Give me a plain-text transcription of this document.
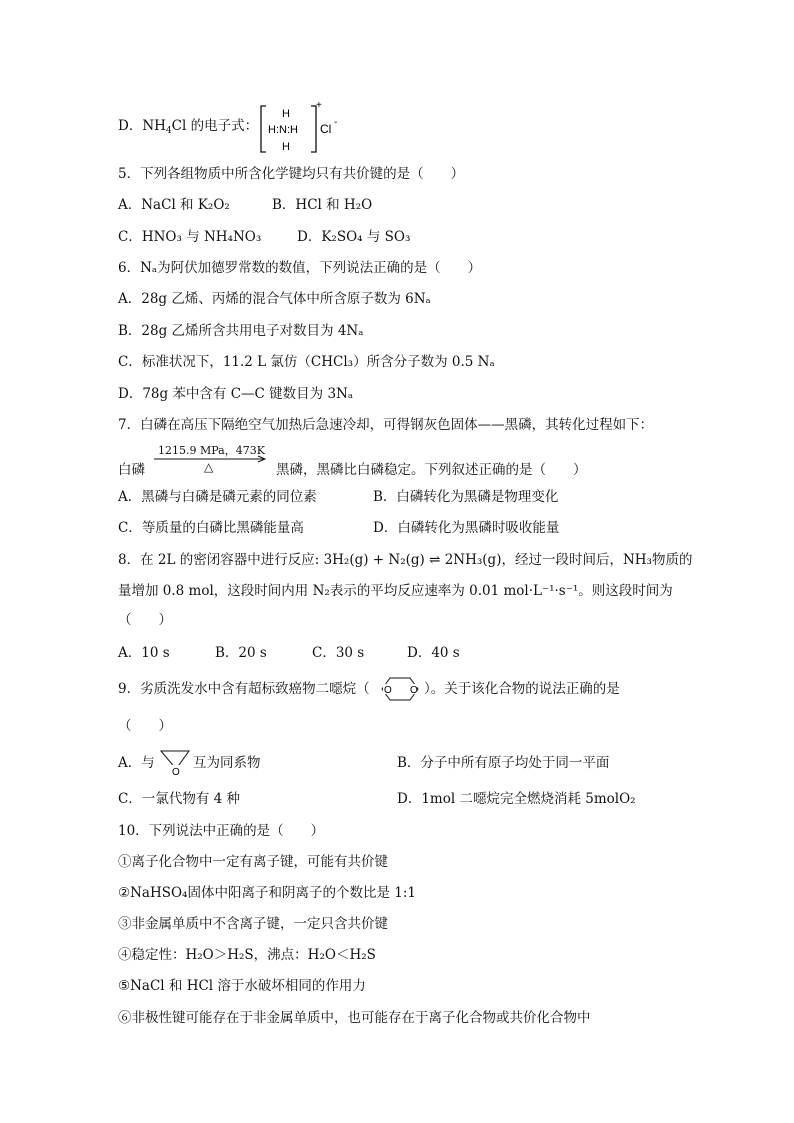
D．$NH_4Cl$ 的电子式：
H
H:N:H
H
+
Cl -
5．下列各组物质中所含化学键均只有共价键的是（　　）
A．NaCl 和 K₂O₂	B．HCl 和 H₂O
C．HNO₃ 与 NH₄NO₃	D．K₂SO₄ 与 SO₃
6．Nₐ为阿伏加德罗常数的数值，下列说法正确的是（　　）
A．28g 乙烯、丙烯的混合气体中所含原子数为 6Nₐ
B．28g 乙烯所含共用电子对数目为 4Nₐ
C．标准状况下，11.2 L 氯仿（CHCl₃）所含分子数为 0.5 Nₐ
D．78g 苯中含有 C—C 键数目为 3Nₐ
7．白磷在高压下隔绝空气加热后急速冷却，可得钢灰色固体——黑磷，其转化过程如下：
白磷
1215.9 MPa，473K
△	黑磷，黑磷比白磷稳定。下列叙述正确的是（　　）
A．黑磷与白磷是磷元素的同位素	B．白磷转化为黑磷是物理变化
C．等质量的白磷比黑磷能量高	D．白磷转化为黑磷时吸收能量
8．在 2L 的密闭容器中进行反应: 3H₂(g) + N₂(g) ⇌ 2NH₃(g)，经过一段时间后，NH₃物质的
量增加 0.8 mol，这段时间内用 N₂表示的平均反应速率为 0.01 mol·L⁻¹·s⁻¹。则这段时间为
（　　）
A．10 s	B．20 s	C．30 s	D．40 s
9．劣质洗发水中含有超标致癌物二噁烷（ O O ）。关于该化合物的说法正确的是
（　　）
A．与
O
互为同系物	B．分子中所有原子均处于同一平面
C．一氯代物有 4 种	D．1mol 二噁烷完全燃烧消耗 5molO₂
10．下列说法中正确的是（　　）
①离子化合物中一定有离子键，可能有共价键
②NaHSO₄固体中阳离子和阴离子的个数比是 1:1
③非金属单质中不含离子键，一定只含共价键
④稳定性：H₂O＞H₂S，沸点：H₂O＜H₂S
⑤NaCl 和 HCl 溶于水破坏相同的作用力
⑥非极性键可能存在于非金属单质中，也可能存在于离子化合物或共价化合物中
